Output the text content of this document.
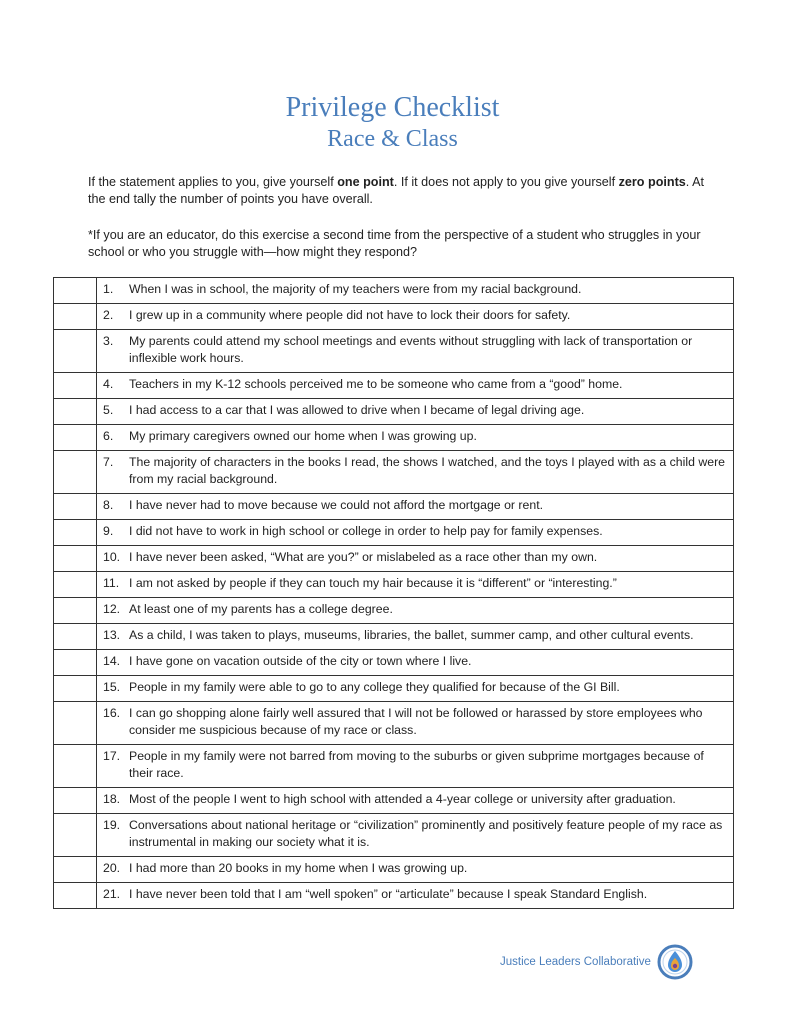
Privilege Checklist
Race & Class
If the statement applies to you, give yourself one point. If it does not apply to you give yourself zero points. At the end tally the number of points you have overall.
*If you are an educator, do this exercise a second time from the perspective of a student who struggles in your school or who you struggle with—how might they respond?

	1. When I was in school, the majority of my teachers were from my racial background.

	2. I grew up in a community where people did not have to lock their doors for safety.

	3. My parents could attend my school meetings and events without struggling with lack of transportation or inflexible work hours.

	4. Teachers in my K-12 schools perceived me to be someone who came from a “good” home.

	5. I had access to a car that I was allowed to drive when I became of legal driving age.

	6. My primary caregivers owned our home when I was growing up.

	7. The majority of characters in the books I read, the shows I watched, and the toys I played with as a child were from my racial background.

	8. I have never had to move because we could not afford the mortgage or rent.

	9. I did not have to work in high school or college in order to help pay for family expenses.

	10. I have never been asked, “What are you?” or mislabeled as a race other than my own.

	11. I am not asked by people if they can touch my hair because it is “different” or “interesting.”

	12. At least one of my parents has a college degree.

	13. As a child, I was taken to plays, museums, libraries, the ballet, summer camp, and other cultural events.

	14. I have gone on vacation outside of the city or town where I live.

	15. People in my family were able to go to any college they qualified for because of the GI Bill.

	16. I can go shopping alone fairly well assured that I will not be followed or harassed by store employees who consider me suspicious because of my race or class.

	17. People in my family were not barred from moving to the suburbs or given subprime mortgages because of their race.

	18. Most of the people I went to high school with attended a 4-year college or university after graduation.

	19. Conversations about national heritage or “civilization” prominently and positively feature people of my race as instrumental in making our society what it is.

	20. I had more than 20 books in my home when I was growing up.

	21. I have never been told that I am “well spoken” or “articulate” because I speak Standard English.
Justice Leaders Collaborative
